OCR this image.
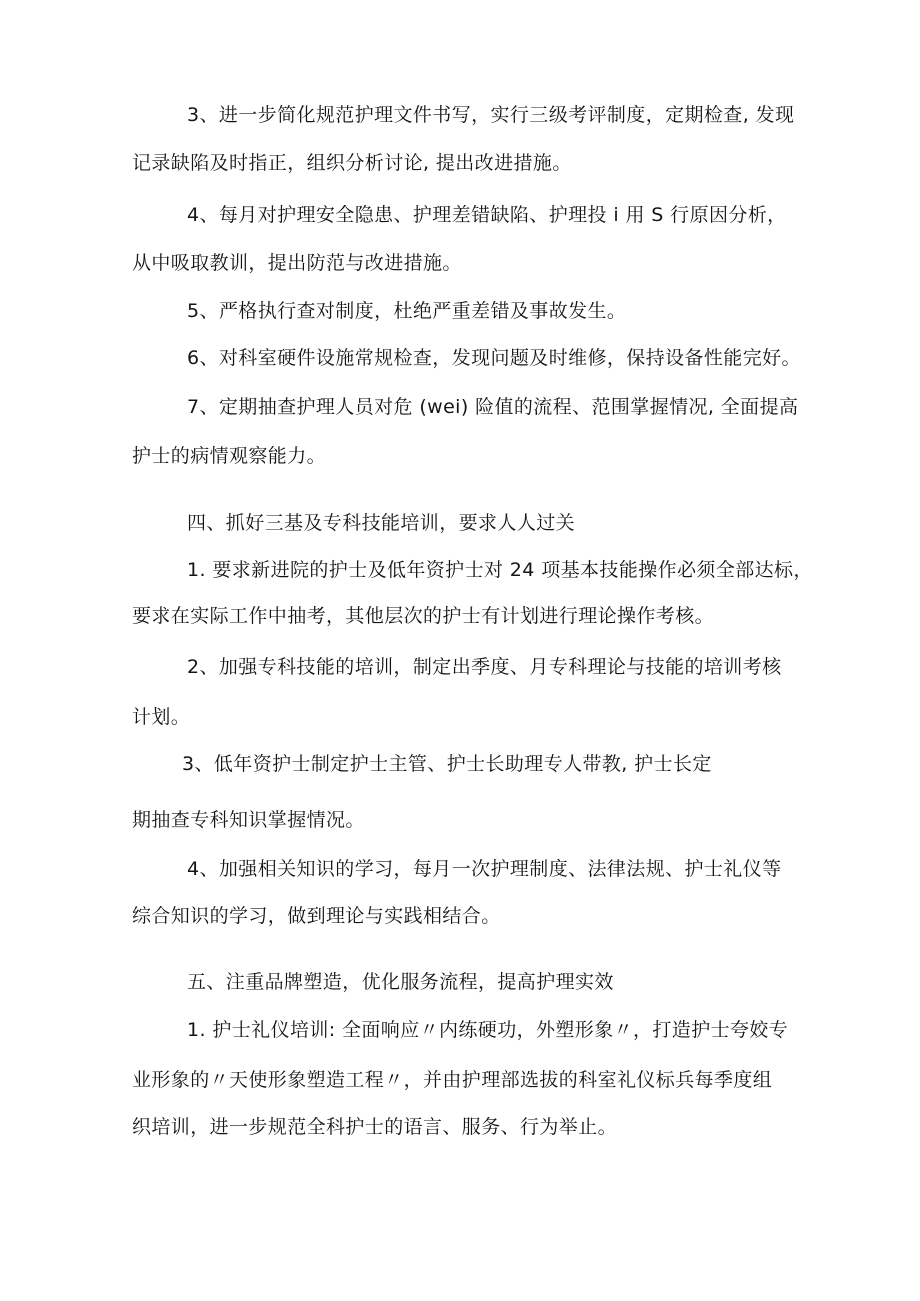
3、进一步简化规范护理文件书写，实行三级考评制度，定期检查, 发现

记录缺陷及时指正，组织分析讨论, 提出改进措施。

4、每月对护理安全隐患、护理差错缺陷、护理投 i 用 S 行原因分析，

从中吸取教训，提出防范与改进措施。

5、严格执行查对制度，杜绝严重差错及事故发生。

6、对科室硬件设施常规检查，发现问题及时维修，保持设备性能完好。

7、定期抽查护理人员对危 (wei) 险值的流程、范围掌握情况, 全面提高

护士的病情观察能力。

四、抓好三基及专科技能培训，要求人人过关

1. 要求新进院的护士及低年资护士对 24 项基本技能操作必须全部达标，

要求在实际工作中抽考，其他层次的护士有计划进行理论操作考核。

2、加强专科技能的培训，制定出季度、月专科理论与技能的培训考核

计划。

3、低年资护士制定护士主管、护士长助理专人带教, 护士长定

期抽查专科知识掌握情况。

4、加强相关知识的学习，每月一次护理制度、法律法规、护士礼仪等

综合知识的学习，做到理论与实践相结合。

五、注重品牌塑造，优化服务流程，提高护理实效

1. 护士礼仪培训: 全面响应〃内练硬功，外塑形象〃，打造护士夸姣专

业形象的〃天使形象塑造工程〃，并由护理部选拔的科室礼仪标兵每季度组

织培训，进一步规范全科护士的语言、服务、行为举止。
